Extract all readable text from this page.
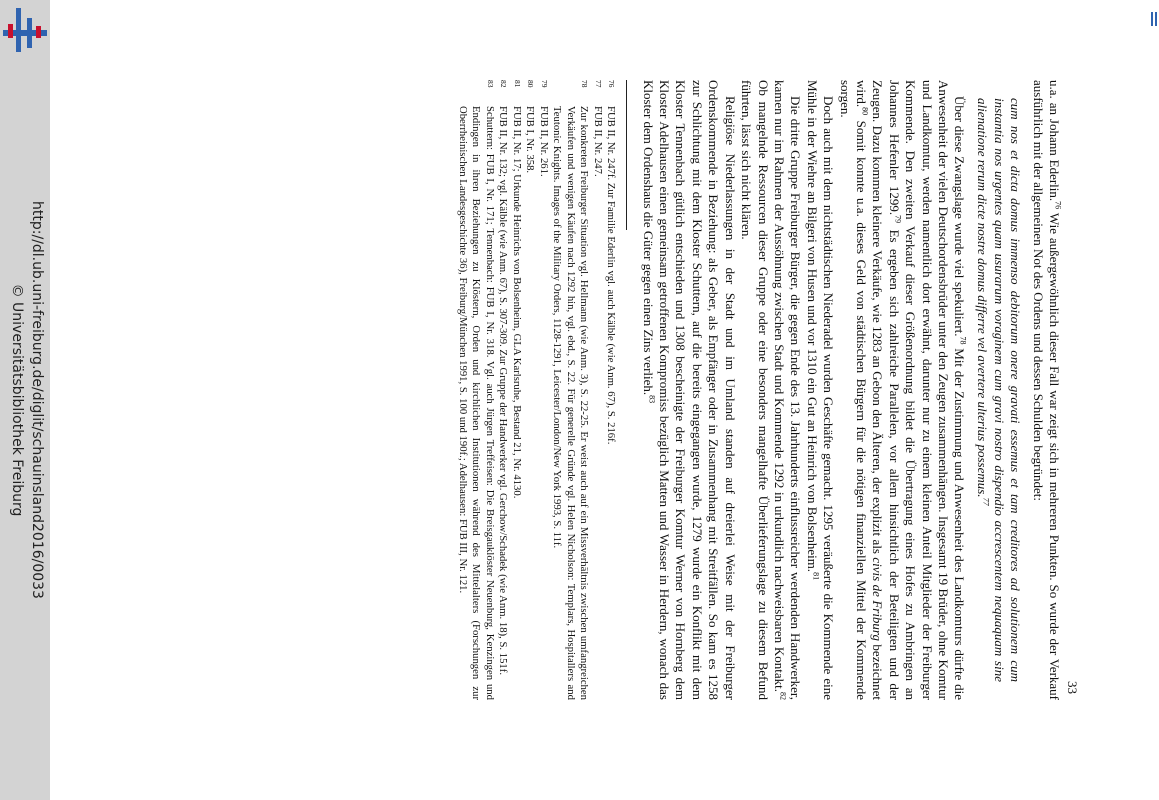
33

u.a. an Johann Ederlin.$^{76}$ Wie außergewöhnlich dieser Fall war zeigt sich in mehreren Punkten. So wurde der Verkauf ausführlich mit der allgemeinen Not des Ordens und dessen Schulden begründet:

cum nos et dicta domus immenso debitorum onere gravati essemus et tam creditores ad solutionem cum instantia nos urgentes quam usurarum voraginem cum gravi nostro dispendio accrescentem nequaquam sine alienatione rerum dicte nostre domus differre vel avertere ulterius possemus.$^{77}$

Über diese Zwangslage wurde viel spekuliert.$^{78}$ Mit der Zustimmung und Anwesenheit des Landkomturs dürfte die Anwesenheit der vielen Deutschordensbrüder unter den Zeugen zusammenhängen. Insgesamt 19 Brüder, ohne Komtur und Landkomtur, werden namentlich dort erwähnt, darunter nur zu einem kleinen Anteil Mitglieder der Freiburger Kommende. Den zweiten Verkauf dieser Größenordnung bildet die Übertragung eines Hofes zu Ambringen an Johannes Hefenler 1299.79 Es ergeben sich zahlreiche Parallelen, vor allem hinsichtlich der Beteiligten und der Zeugen. Dazu kommen kleinere Verkäufe, wie 1283 an Gebon den Älteren, der explizit als civis de Friburg bezeichnet wird.$^{80}$ Somit konnte u.a. dieses Geld von städtischen Bürgern für die nötigen finanziellen Mittel der Kommende sorgen.

Doch auch mit dem nichtstädtischen Niederadel wurden Geschäfte gemacht. 1295 veräußerte die Kommende eine Mühle in der Wiehre an Bilgeri von Husen und vor 1310 ein Gut an Heinrich von Bolsenheim.$^{81}$

Die dritte Gruppe Freiburger Bürger, die gegen Ende des 13. Jahrhunderts einflussreicher werdenden Handwerker, kamen nur im Rahmen der Aussöhnung zwischen Stadt und Kommende 1292 in urkundlich nachweisbaren Kontakt.$^{82}$ Ob mangelnde Ressourcen dieser Gruppe oder eine besonders mangelhafte Überlieferungslage zu diesem Befund führten, lässt sich nicht klären.

Religiöse Niederlassungen in der Stadt und im Umland standen auf dreierlei Weise mit der Freiburger Ordenskommende in Beziehung: als Geber, als Empfänger oder in Zusammenhang mit Streitfällen. So kam es 1258 zur Schlichtung mit dem Kloster Schuttern, auf die bereits eingegangen wurde, 1279 wurde ein Konflikt mit dem Kloster Tennenbach gütlich entschieden und 1308 bescheinigte der Freiburger Komtur Werner von Hornberg dem Kloster Adelhausen einen gemeinsam getroffenen Kompromiss bezüglich Matten und Wasser in Herdern, wonach das Kloster dem Ordenshaus die Güter gegen einen Zins verlieh.$^{83}$

76
FUB II, Nr. 247f. Zur Familie Ederlin vgl. auch Kälble (wie Anm. 67), S. 216f.
77
FUB II, Nr. 247.
78
Zur konkreten Freiburger Situation vgl. Hellmann (wie Anm. 3), S. 22-25. Er weist auch auf ein Missverhältnis zwischen umfangreichen Verkäufen und wenigen Käufen nach 1292 hin, vgl. ebd., S. 22. Für generelle Gründe vgl. Helen Nicholson: Templars, Hospitallers and Teutonic Knights. Images of the Military Orders, 1128-1291, Leicester/London/New York 1993, S. 11f.
79
FUB II, Nr. 261.
80
FUB I, Nr. 358.
81
FUB II, Nr. 17; Urkunde Heinrichs von Bolsenheim, GLA Karlsruhe, Bestand 21, Nr. 4130.
82
FUB II, Nr. 132; vgl. Kälble (wie Anm. 67), S. 307-309. Zur Gruppe der Handwerker vgl. Gerchow/Schadek (wie Anm. 18), S. 151f.
83
Schuttern: FUB I, Nr. 171; Tennenbach: FUB I, Nr. 318. Vgl. auch Jürgen Treffeisen: Die Breisgauklöster Neuenburg, Kenzingen und Endingen in ihren Beziehungen zu Klöstern, Orden und kirchlichen Institutionen während des Mittelalters (Forschungen zur Oberrheinischen Landesgeschichte 36), Freiburg/München 1991, S. 100 und 190f.; Adelhausen: FUB III, Nr. 121.
http://dl.ub.uni-freiburg.de/diglit/schauinsland2016/0033
© Universitätsbibliothek Freiburg
